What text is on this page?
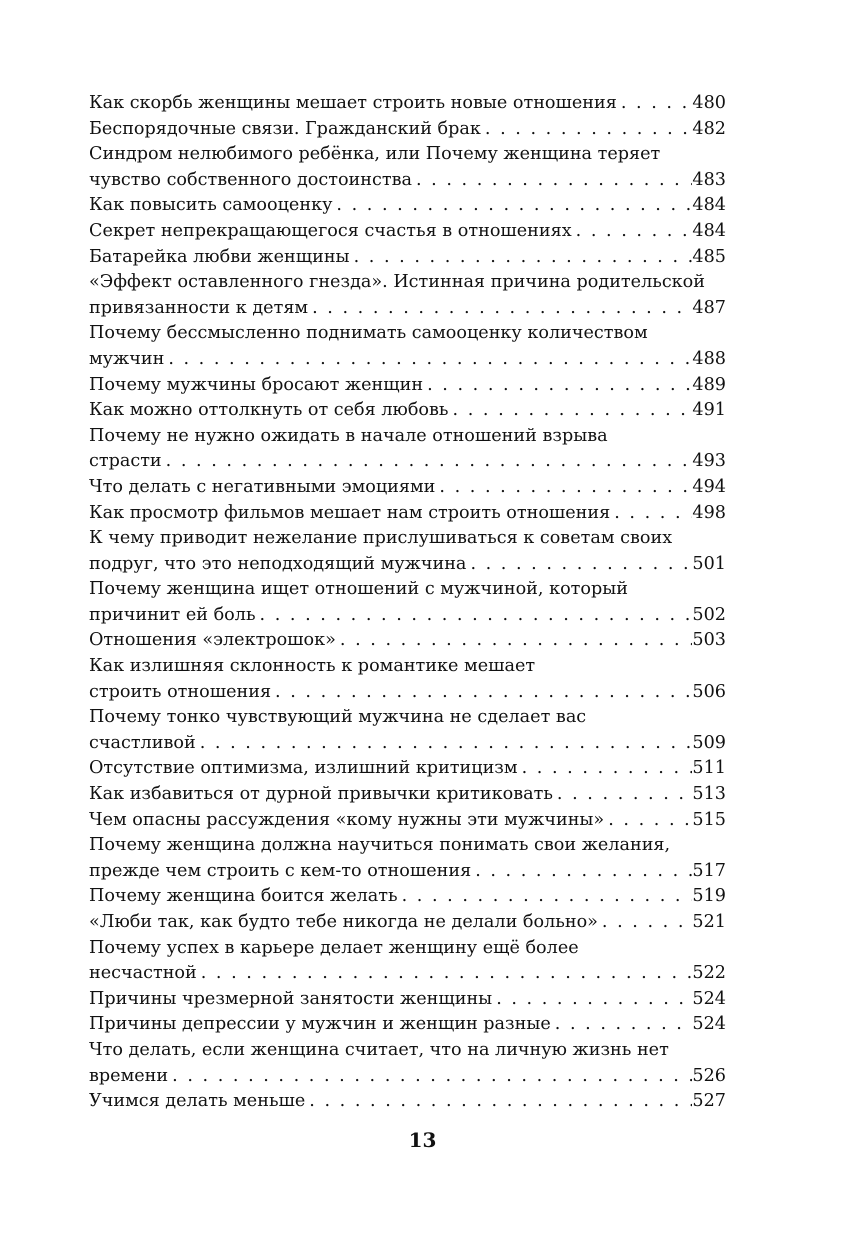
Как скорбь женщины мешает строить новые отношения . . .	480
Беспорядочные связи. Гражданский брак . . .	482
Синдром нелюбимого ребёнка, или Почему женщина теряет
чувство собственного достоинства . . .	483
Как повысить самооценку . . .	484
Секрет непрекращающегося счастья в отношениях . . .	484
Батарейка любви женщины . . .	485
«Эффект оставленного гнезда». Истинная причина родительской
привязанности к детям . . .	487
Почему бессмысленно поднимать самооценку количеством
мужчин . . .	488
Почему мужчины бросают женщин . . .	489
Как можно оттолкнуть от себя любовь . . .	491
Почему не нужно ожидать в начале отношений взрыва
страсти . . .	493
Что делать с негативными эмоциями . . .	494
Как просмотр фильмов мешает нам строить отношения . . .	498
К чему приводит нежелание прислушиваться к советам своих
подруг, что это неподходящий мужчина . . .	501
Почему женщина ищет отношений с мужчиной, который
причинит ей боль . . .	502
Отношения «электрошок» . . .	503
Как излишняя склонность к романтике мешает
строить отношения . . .	506
Почему тонко чувствующий мужчина не сделает вас
счастливой . . .	509
Отсутствие оптимизма, излишний критицизм . . .	511
Как избавиться от дурной привычки критиковать . . .	513
Чем опасны рассуждения «кому нужны эти мужчины» . . .	515
Почему женщина должна научиться понимать свои желания,
прежде чем строить с кем-то отношения . . .	517
Почему женщина боится желать . . .	519
«Люби так, как будто тебе никогда не делали больно» . . .	521
Почему успех в карьере делает женщину ещё более
несчастной . . .	522
Причины чрезмерной занятости женщины . . .	524
Причины депрессии у мужчин и женщин разные . . .	524
Что делать, если женщина считает, что на личную жизнь нет
времени . . .	526
Учимся делать меньше . . .	527
13
